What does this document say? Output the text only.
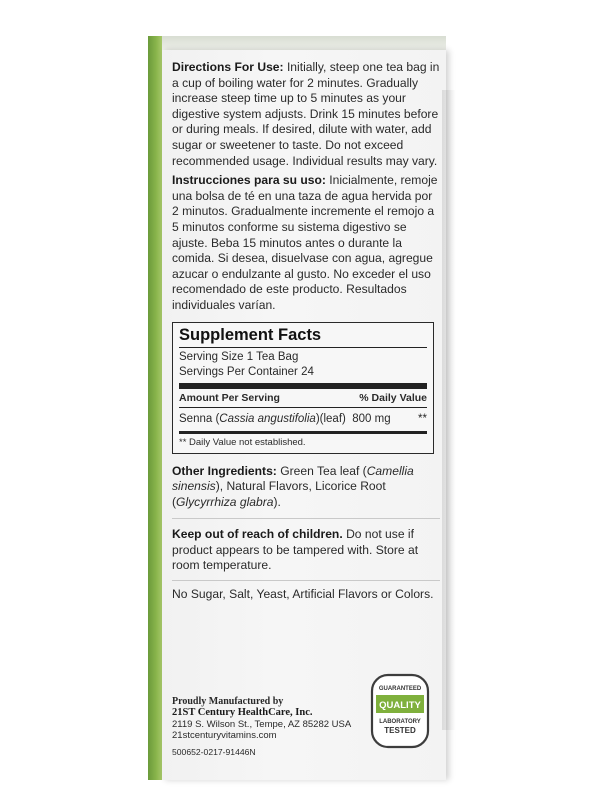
Directions For Use: Initially, steep one tea bag in a cup of boiling water for 2 minutes. Gradually increase steep time up to 5 minutes as your digestive system adjusts. Drink 15 minutes before or during meals. If desired, dilute with water, add sugar or sweetener to taste. Do not exceed recommended usage. Individual results may vary.

Instrucciones para su uso: Inicialmente, remoje una bolsa de té en una taza de agua hervida por 2 minutos. Gradualmente incremente el remojo a 5 minutos conforme su sistema digestivo se ajuste. Beba 15 minutos antes o durante la comida. Si desea, disuelvase con agua, agregue azucar o endulzante al gusto. No exceder el uso recomendado de este producto. Resultados individuales varían.

Supplement Facts
Serving Size 1 Tea Bag
Servings Per Container 24
Amount Per Serving	% Daily Value
Senna (Cassia angustifolia)(leaf) 800 mg **
** Daily Value not established.

Other Ingredients: Green Tea leaf (Camellia sinensis), Natural Flavors, Licorice Root (Glycyrrhiza glabra).

Keep out of reach of children. Do not use if product appears to be tampered with. Store at room temperature.

No Sugar, Salt, Yeast, Artificial Flavors or Colors.

Proudly Manufactured by
21ST Century HealthCare, Inc.
2119 S. Wilson St., Tempe, AZ 85282 USA
21stcenturyvitamins.com
500652-0217-91446N
GUARANTEED
QUALITY
LABORATORY
TESTED
